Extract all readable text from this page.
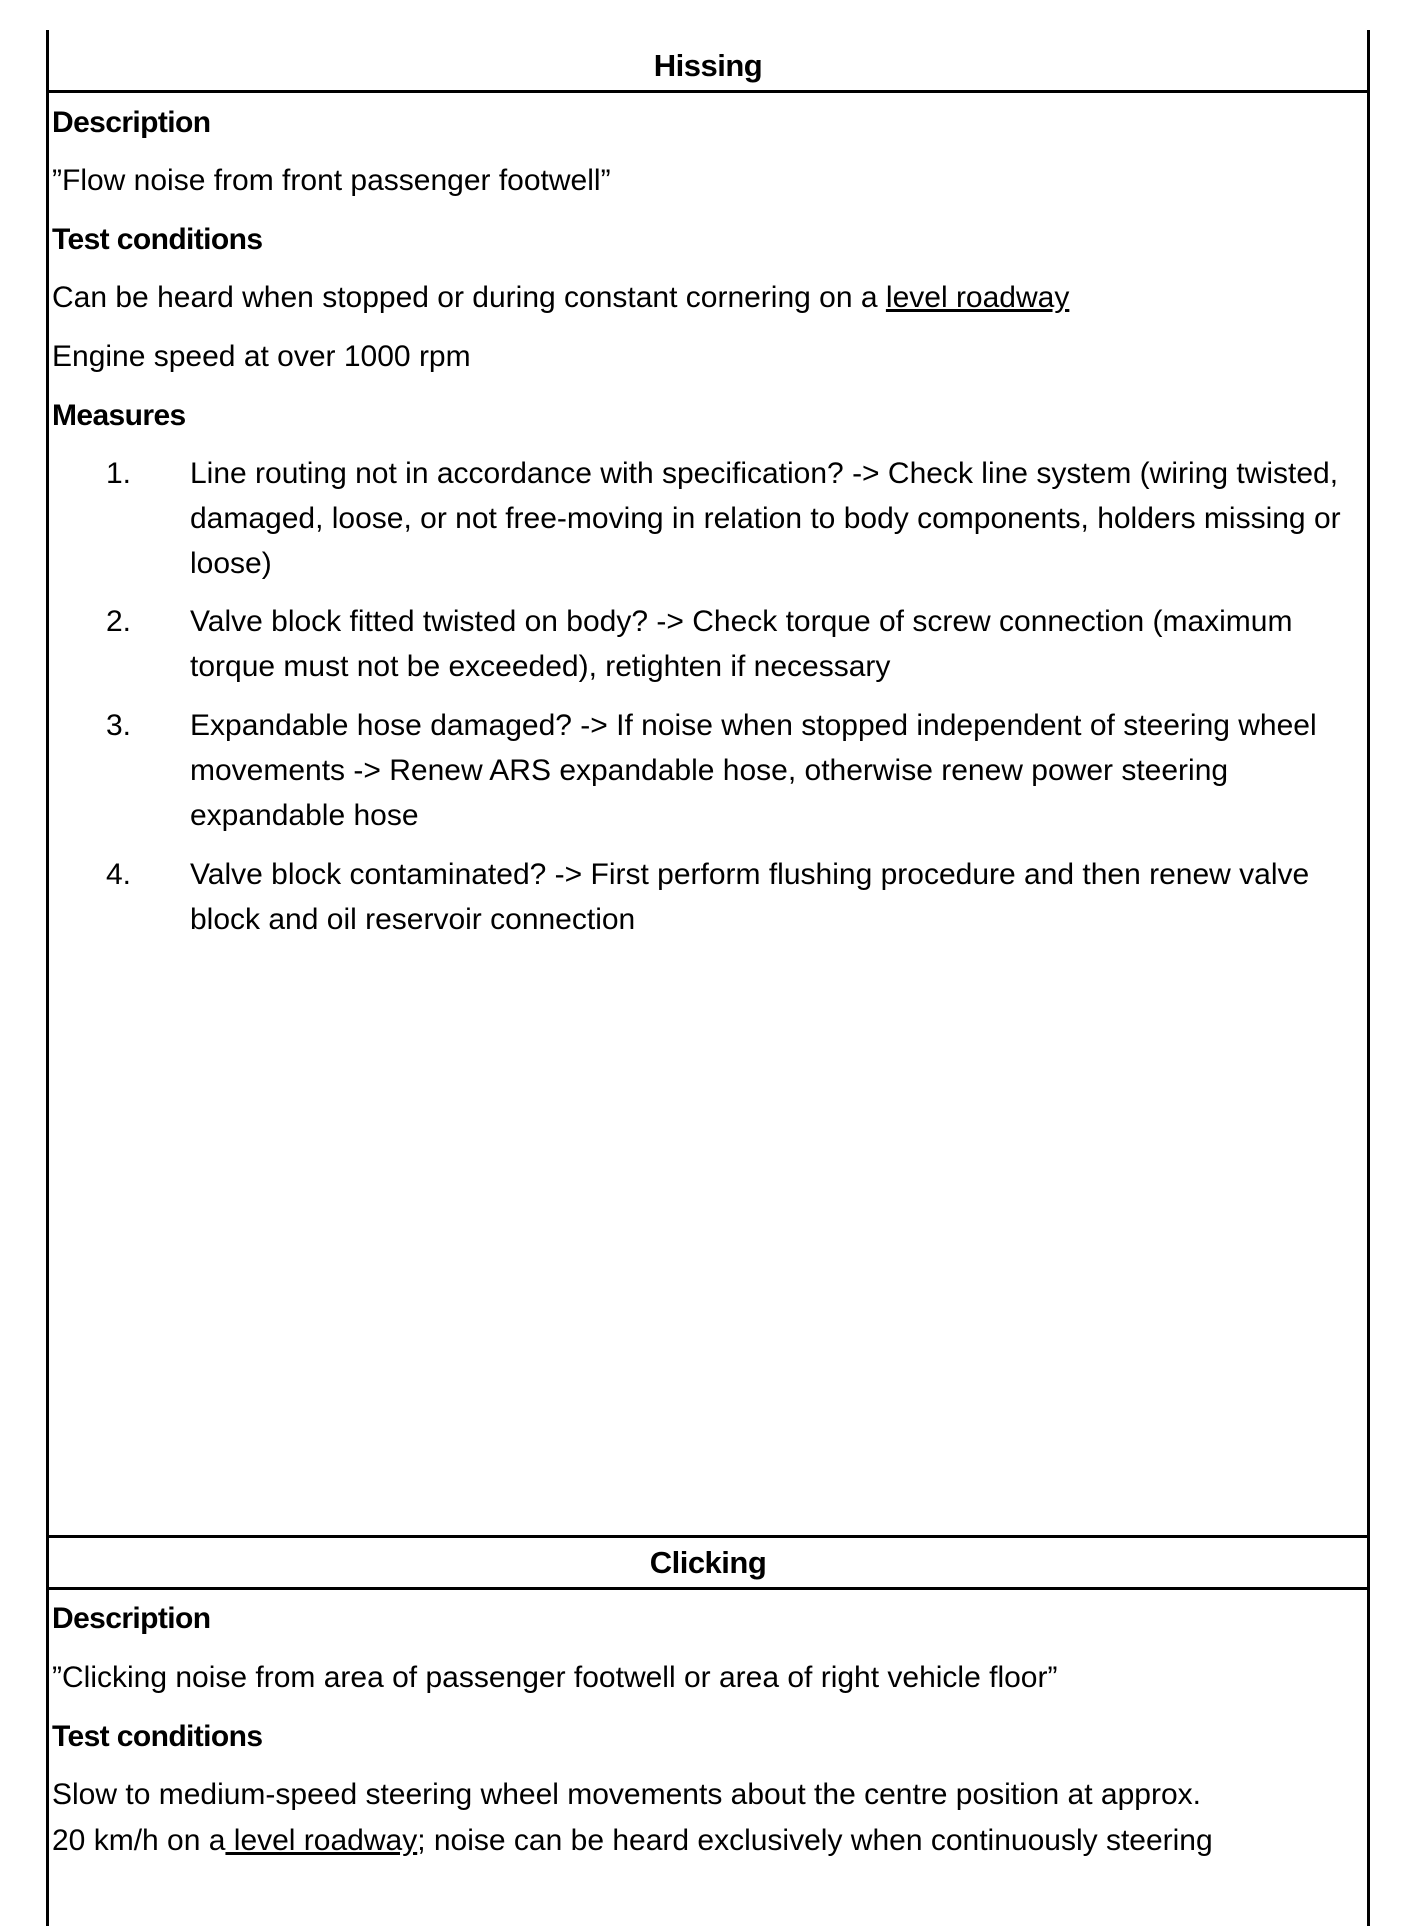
Hissing
Description
”Flow noise from front passenger footwell”
Test conditions
Can be heard when stopped or during constant cornering on a level roadway
Engine speed at over 1000 rpm
Measures
1. Line routing not in accordance with specification? -> Check line system (wiring twisted, damaged, loose, or not free-moving in relation to body components, holders missing or loose)
2. Valve block fitted twisted on body? -> Check torque of screw connection (maximum torque must not be exceeded), retighten if necessary
3. Expandable hose damaged? -> If noise when stopped independent of steering wheel movements -> Renew ARS expandable hose, otherwise renew power steering expandable hose
4. Valve block contaminated? -> First perform flushing procedure and then renew valve block and oil reservoir connection
Clicking
Description
”Clicking noise from area of passenger footwell or area of right vehicle floor”
Test conditions
Slow to medium-speed steering wheel movements about the centre position at approx.
20 km/h on a level roadway; noise can be heard exclusively when continuously steering
